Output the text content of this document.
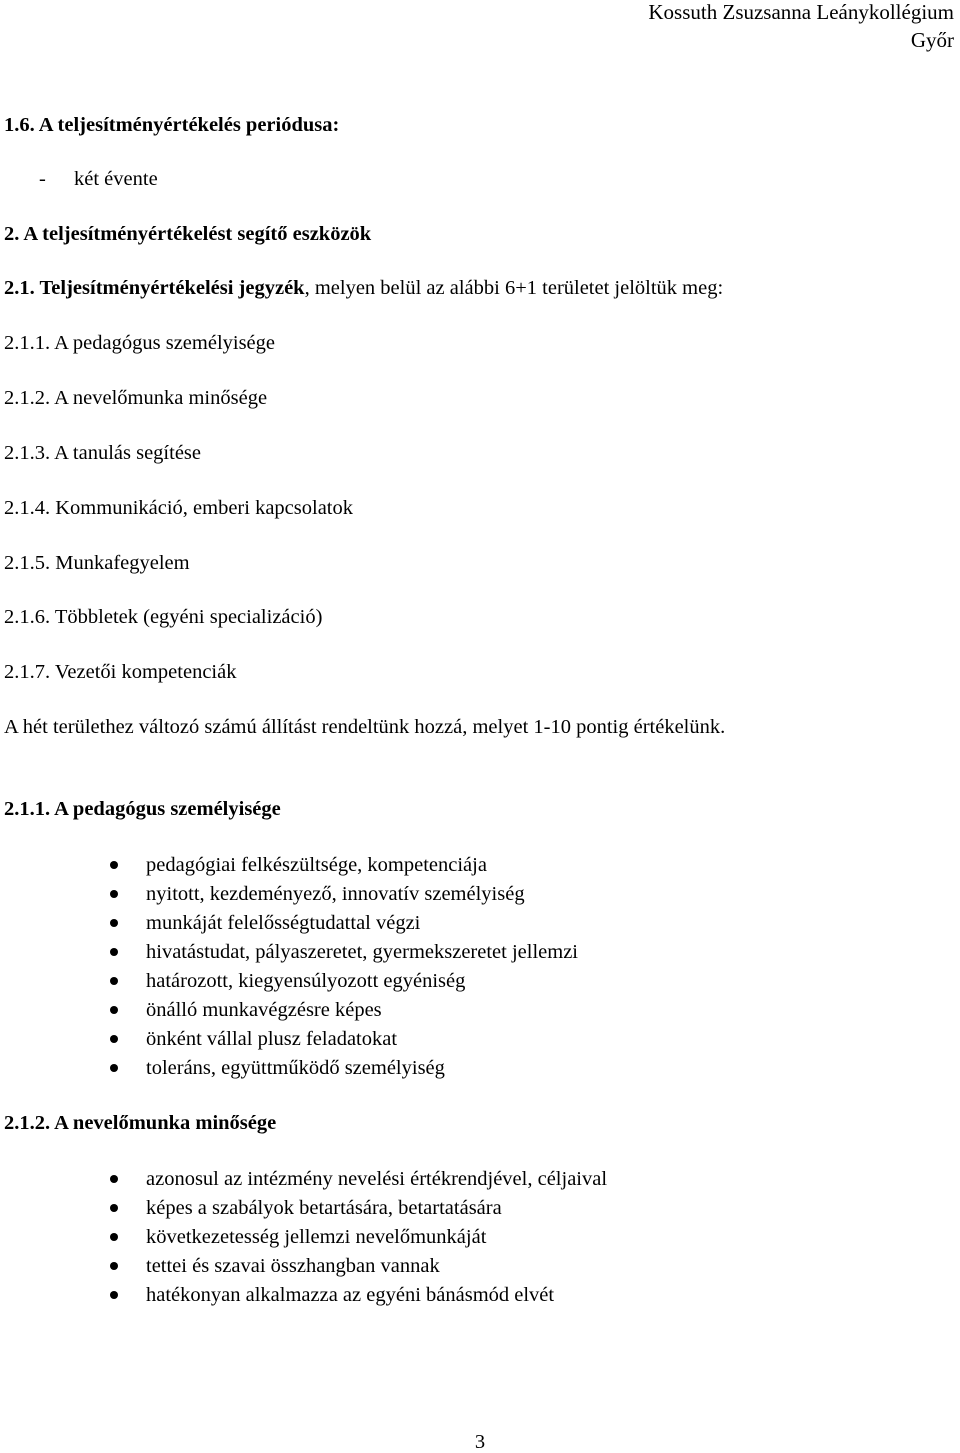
Kossuth Zsuzsanna Leánykollégium
Győr
1.6. A teljesítményértékelés periódusa:
- két évente
2. A teljesítményértékelést segítő eszközök
2.1. Teljesítményértékelési jegyzék, melyen belül az alábbi 6+1 területet jelöltük meg:
2.1.1. A pedagógus személyisége
2.1.2. A nevelőmunka minősége
2.1.3. A tanulás segítése
2.1.4. Kommunikáció, emberi kapcsolatok
2.1.5. Munkafegyelem
2.1.6. Többletek (egyéni specializáció)
2.1.7. Vezetői kompetenciák
A hét területhez változó számú állítást rendeltünk hozzá, melyet 1-10 pontig értékelünk.
2.1.1. A pedagógus személyisége
pedagógiai felkészültsége, kompetenciája
nyitott, kezdeményező, innovatív személyiség
munkáját felelősségtudattal végzi
hivatástudat, pályaszeretet, gyermekszeretet jellemzi
határozott, kiegyensúlyozott egyéniség
önálló munkavégzésre képes
önként vállal plusz feladatokat
toleráns, együttműködő személyiség
2.1.2. A nevelőmunka minősége
azonosul az intézmény nevelési értékrendjével, céljaival
képes a szabályok betartására, betartatására
következetesség jellemzi nevelőmunkáját
tettei és szavai összhangban vannak
hatékonyan alkalmazza az egyéni bánásmód elvét
3
